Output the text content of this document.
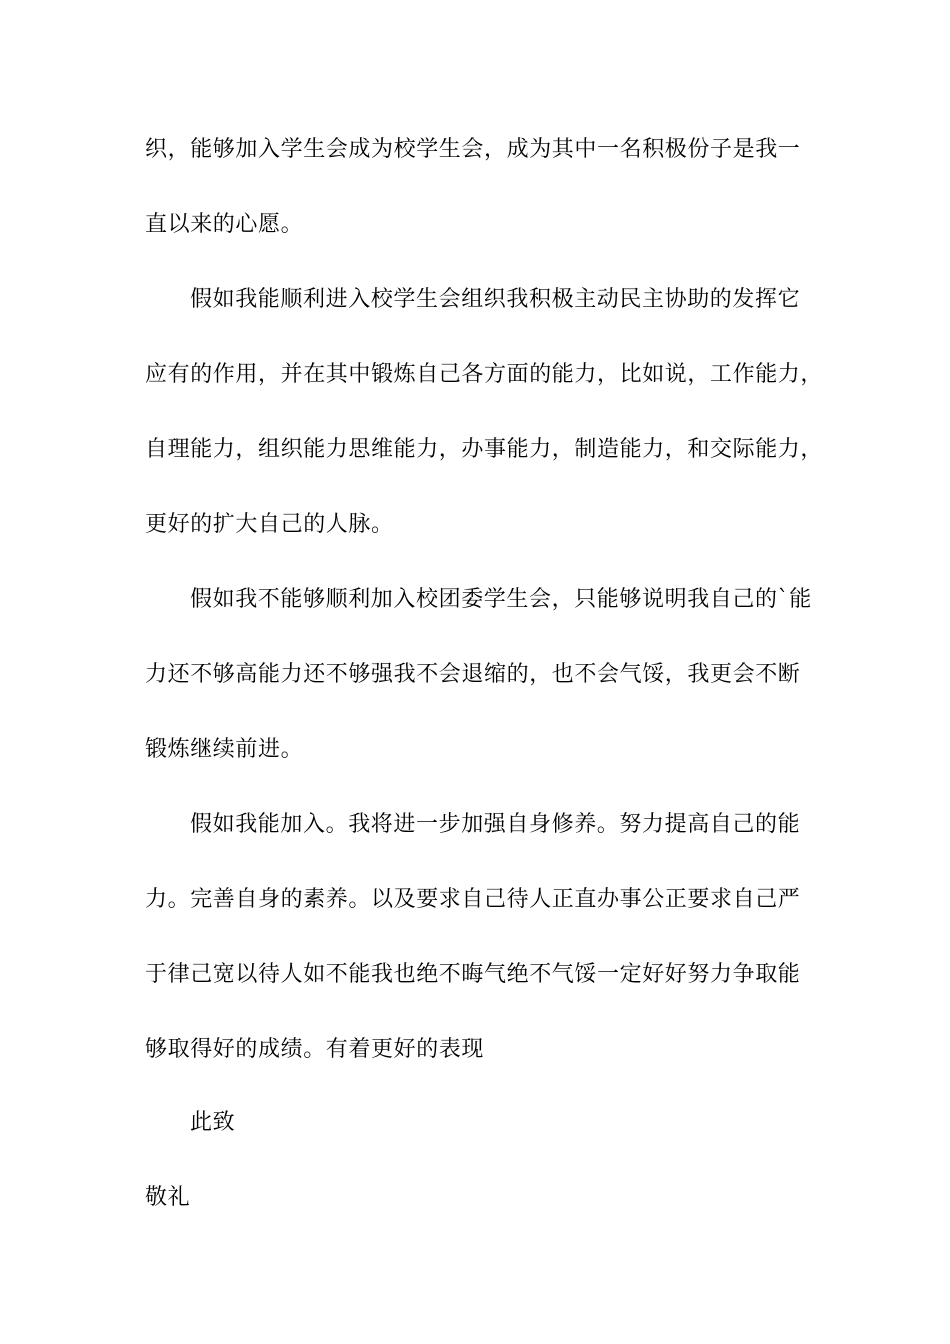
织，能够加入学生会成为校学生会，成为其中一名积极份子是我一
直以来的心愿。
假如我能顺利进入校学生会组织我积极主动民主协助的发挥它
应有的作用，并在其中锻炼自己各方面的能力，比如说，工作能力，
自理能力，组织能力思维能力，办事能力，制造能力，和交际能力，
更好的扩大自己的人脉。
假如我不能够顺利加入校团委学生会，只能够说明我自己的`能
力还不够高能力还不够强我不会退缩的，也不会气馁，我更会不断
锻炼继续前进。
假如我能加入。我将进一步加强自身修养。努力提高自己的能
力。完善自身的素养。以及要求自己待人正直办事公正要求自己严
于律己宽以待人如不能我也绝不晦气绝不气馁一定好好努力争取能
够取得好的成绩。有着更好的表现
此致
敬礼
